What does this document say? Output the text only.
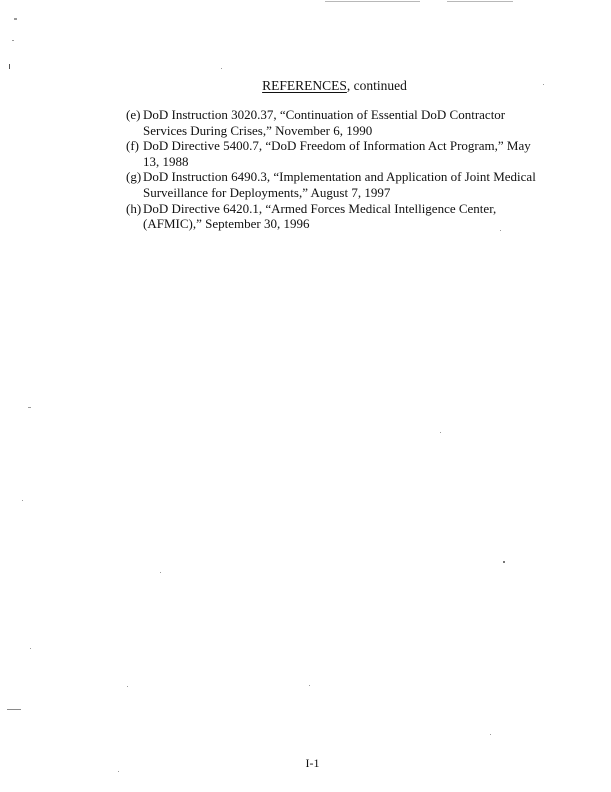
REFERENCES, continued
(e) DoD Instruction 3020.37, “Continuation of Essential DoD Contractor Services During Crises,” November 6, 1990
(f) DoD Directive 5400.7, “DoD Freedom of Information Act Program,” May 13, 1988
(g) DoD Instruction 6490.3, “Implementation and Application of Joint Medical Surveillance for Deployments,” August 7, 1997
(h) DoD Directive 6420.1, “Armed Forces Medical Intelligence Center, (AFMIC),” September 30, 1996
I-1
